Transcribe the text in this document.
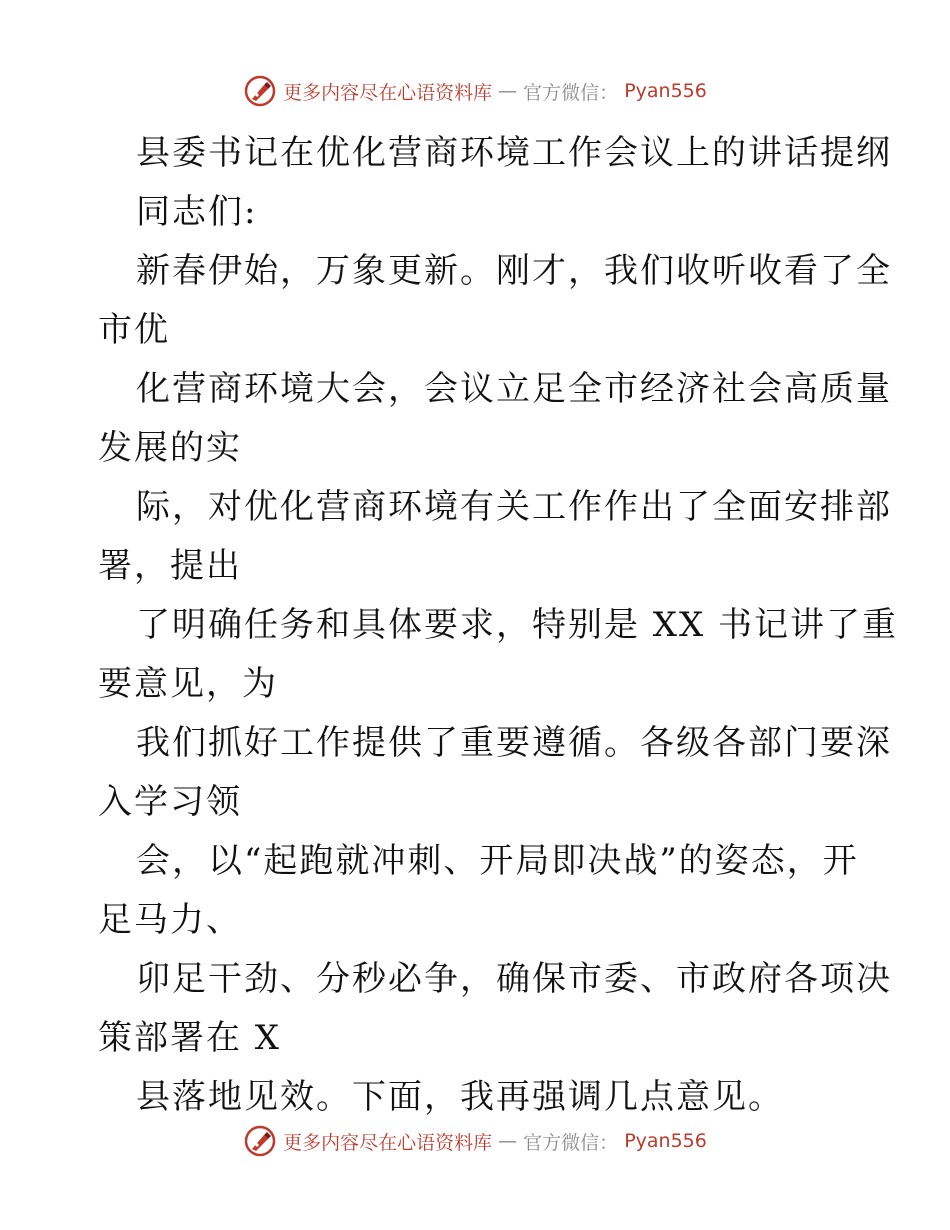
更多内容尽在心语资料库 — 官方微信： Pyan556
县委书记在优化营商环境工作会议上的讲话提纲
同志们:
新春伊始，万象更新。刚才，我们收听收看了全
市优
化营商环境大会，会议立足全市经济社会高质量
发展的实
际，对优化营商环境有关工作作出了全面安排部
署，提出
了明确任务和具体要求，特别是 XX 书记讲了重
要意见，为
我们抓好工作提供了重要遵循。各级各部门要深
入学习领
会，以“起跑就冲刺、开局即决战”的姿态，开
足马力、
卯足干劲、分秒必争，确保市委、市政府各项决
策部署在 X
县落地见效。下面，我再强调几点意见。
更多内容尽在心语资料库 — 官方微信： Pyan556
